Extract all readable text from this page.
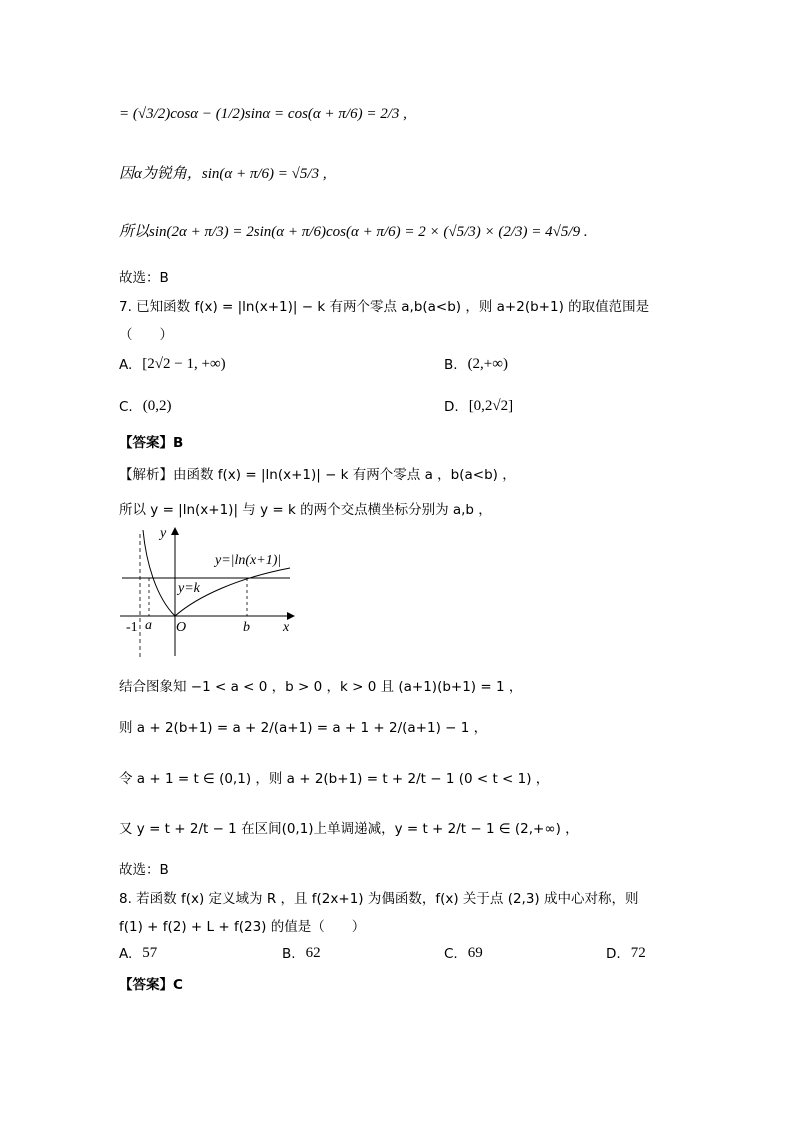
= (√3/2)cosα − (1/2)sinα = cos(α + π/6) = 2/3 ,
因α为锐角，sin(α + π/6) = √5/3 ,
所以sin(2α + π/3) = 2sin(α + π/6)cos(α + π/6) = 2 × (√5/3) × (2/3) = 4√5/9 .
故选：B
7. 已知函数 f(x) = |ln(x+1)| − k 有两个零点 a,b(a<b) ，则 a+2(b+1) 的取值范围是
（　　）
A. [2√2 − 1, +∞)	B. (2,+∞)
C. (0,2)	D. [0,2√2]
【答案】B
【解析】由函数 f(x) = |ln(x+1)| − k 有两个零点 a ，b(a<b) ，
所以 y = |ln(x+1)| 与 y = k 的两个交点横坐标分别为 a,b ，
y
x
y=|ln(x+1)|
y=k
-1 a O	b
结合图象知 −1 < a < 0 ，b > 0 ，k > 0 且 (a+1)(b+1) = 1 ，
则 a + 2(b+1) = a + 2/(a+1) = a + 1 + 2/(a+1) − 1 ，
令 a + 1 = t ∈ (0,1) ，则 a + 2(b+1) = t + 2/t − 1 (0 < t < 1) ，
又 y = t + 2/t − 1 在区间(0,1)上单调递减，y = t + 2/t − 1 ∈ (2,+∞) ，
故选：B
8. 若函数 f(x) 定义域为 R ，且 f(2x+1) 为偶函数，f(x) 关于点 (2,3) 成中心对称，则
f(1) + f(2) + L + f(23) 的值是（　　）
A. 57	B. 62	C. 69	D. 72
【答案】C
